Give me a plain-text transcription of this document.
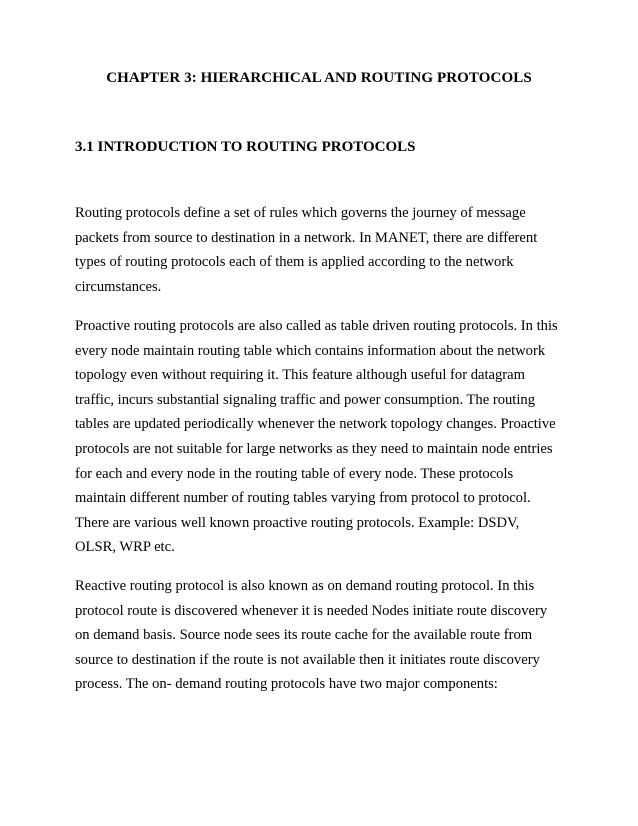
CHAPTER 3: HIERARCHICAL AND ROUTING PROTOCOLS
3.1 INTRODUCTION TO ROUTING PROTOCOLS

Routing protocols define a set of rules which governs the journey of message
packets from source to destination in a network. In MANET, there are different
types of routing protocols each of them is applied according to the network
circumstances.

Proactive routing protocols are also called as table driven routing protocols. In this
every node maintain routing table which contains information about the network
topology even without requiring it. This feature although useful for datagram
traffic, incurs substantial signaling traffic and power consumption. The routing
tables are updated periodically whenever the network topology changes. Proactive
protocols are not suitable for large networks as they need to maintain node entries
for each and every node in the routing table of every node. These protocols
maintain different number of routing tables varying from protocol to protocol.
There are various well known proactive routing protocols. Example: DSDV,
OLSR, WRP etc.

Reactive routing protocol is also known as on demand routing protocol. In this
protocol route is discovered whenever it is needed Nodes initiate route discovery
on demand basis. Source node sees its route cache for the available route from
source to destination if the route is not available then it initiates route discovery
process. The on- demand routing protocols have two major components:
